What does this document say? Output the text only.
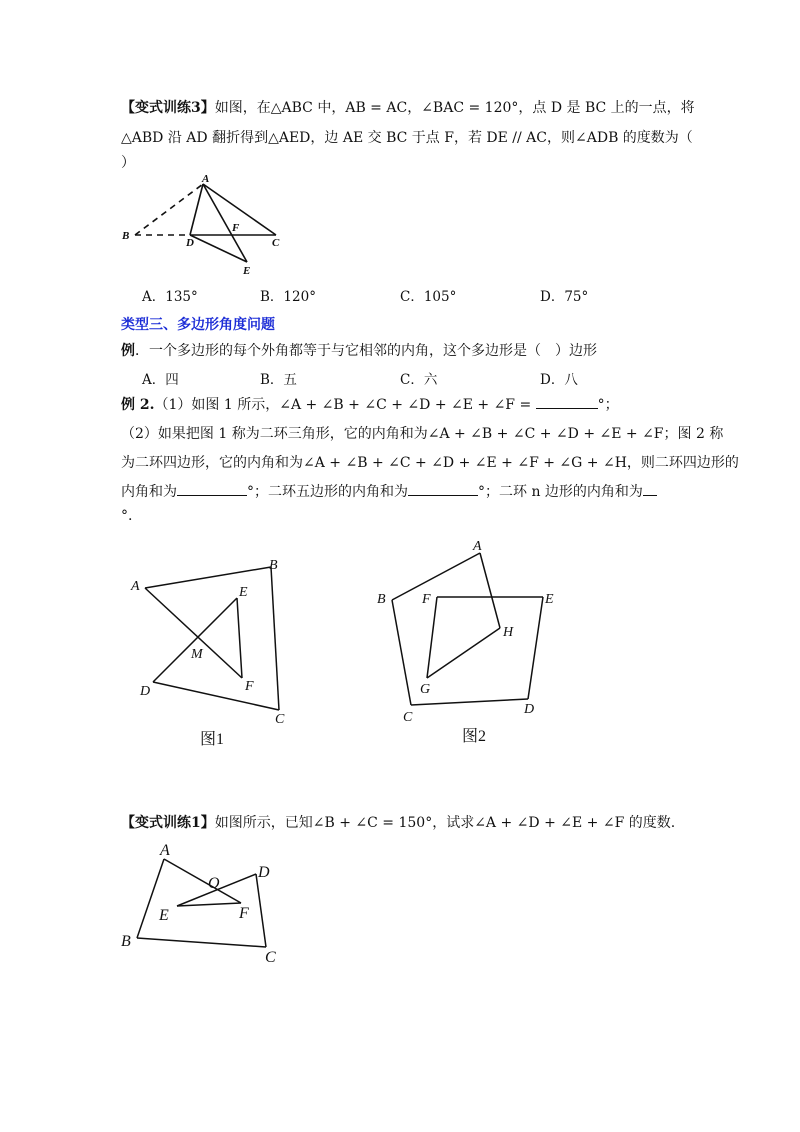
【变式训练3】如图，在△ABC 中，AB = AC，∠BAC = 120°，点 D 是 BC 上的一点，将
△ABD 沿 AD 翻折得到△AED，边 AE 交 BC 于点 F，若 DE // AC，则∠ADB 的度数为（
）
A
B
C
D
E
F
A．135°	B．120°	C．105°	D．75°
类型三、多边形角度问题
例．一个多边形的每个外角都等于与它相邻的内角，这个多边形是（　）边形
A．四	B．五	C．六	D．八
例 2.（1）如图 1 所示，∠A + ∠B + ∠C + ∠D + ∠E + ∠F =	°；
（2）如果把图 1 称为二环三角形，它的内角和为∠A + ∠B + ∠C + ∠D + ∠E + ∠F；图 2 称
为二环四边形，它的内角和为∠A + ∠B + ∠C + ∠D + ∠E + ∠F + ∠G + ∠H，则二环四边形的
内角和为	°；二环五边形的内角和为	°；二环 n 边形的内角和为
°.
A
B
C
D
E
F
M
图1
A
B
C
D
E
F
G
H
图2
【变式训练1】如图所示，已知∠B + ∠C = 150°，试求∠A + ∠D + ∠E + ∠F 的度数.
A
B
C
D
E	F
O
